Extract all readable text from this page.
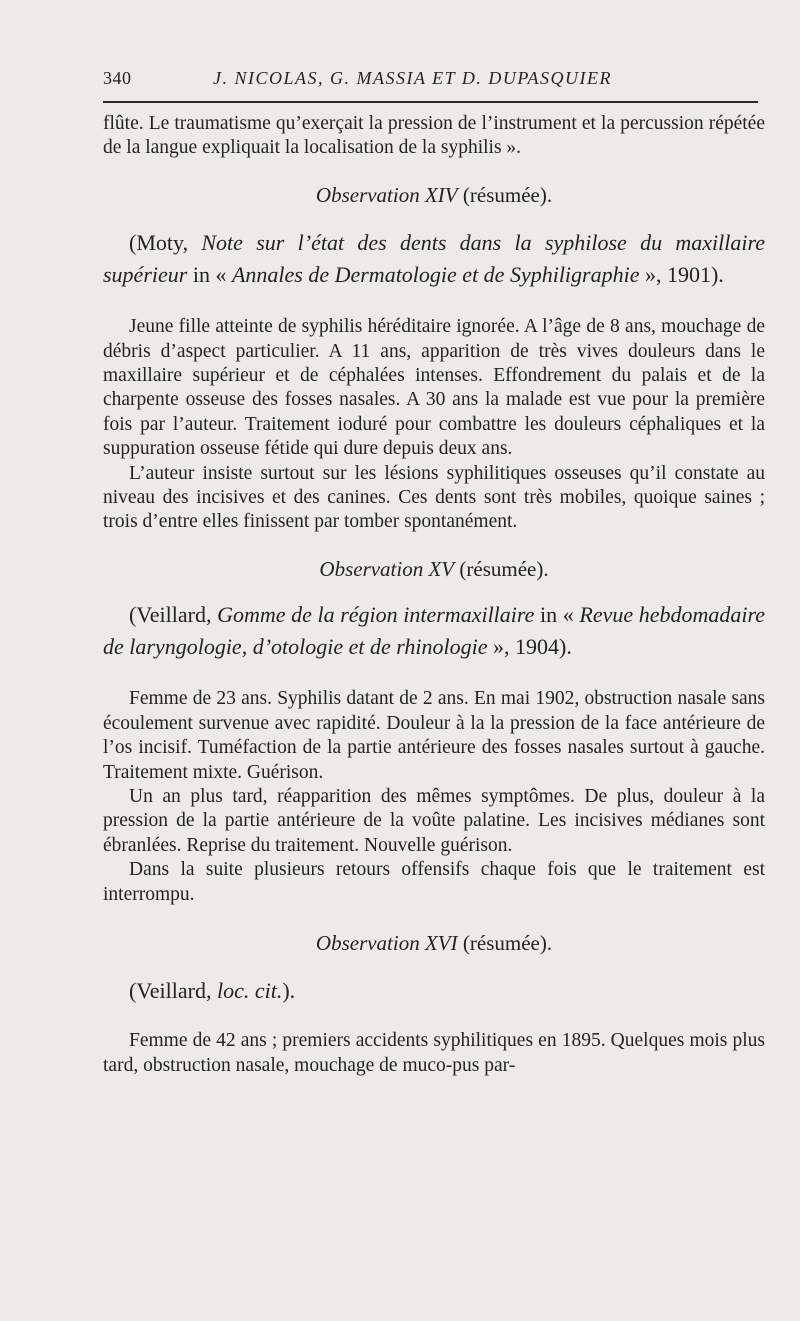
340	J. NICOLAS, G. MASSIA ET D. DUPASQUIER

flûte. Le traumatisme qu’exerçait la pression de l’instrument et la percussion répétée de la langue expliquait la localisation de la syphilis ».

Observation XIV (résumée).

(Moty, Note sur l’état des dents dans la syphilose du maxillaire supérieur in « Annales de Dermatologie et de Syphiligraphie », 1901).

Jeune fille atteinte de syphilis héréditaire ignorée. A l’âge de 8 ans, mouchage de débris d’aspect particulier. A 11 ans, apparition de très vives douleurs dans le maxillaire supérieur et de céphalées intenses. Effondrement du palais et de la charpente osseuse des fosses nasales. A 30 ans la malade est vue pour la première fois par l’auteur. Traitement ioduré pour combattre les douleurs céphaliques et la suppuration osseuse fétide qui dure depuis deux ans.

L’auteur insiste surtout sur les lésions syphilitiques osseuses qu’il constate au niveau des incisives et des canines. Ces dents sont très mobiles, quoique saines ; trois d’entre elles finissent par tomber spontanément.

Observation XV (résumée).

(Veillard, Gomme de la région intermaxillaire in « Revue hebdomadaire de laryngologie, d’otologie et de rhinologie », 1904).

Femme de 23 ans. Syphilis datant de 2 ans. En mai 1902, obstruction nasale sans écoulement survenue avec rapidité. Douleur à la la pression de la face antérieure de l’os incisif. Tuméfaction de la partie antérieure des fosses nasales surtout à gauche. Traitement mixte. Guérison.

Un an plus tard, réapparition des mêmes symptômes. De plus, douleur à la pression de la partie antérieure de la voûte palatine. Les incisives médianes sont ébranlées. Reprise du traitement. Nouvelle guérison.

Dans la suite plusieurs retours offensifs chaque fois que le traitement est interrompu.

Observation XVI (résumée).

(Veillard, loc. cit.).

Femme de 42 ans ; premiers accidents syphilitiques en 1895. Quelques mois plus tard, obstruction nasale, mouchage de muco-pus par-
